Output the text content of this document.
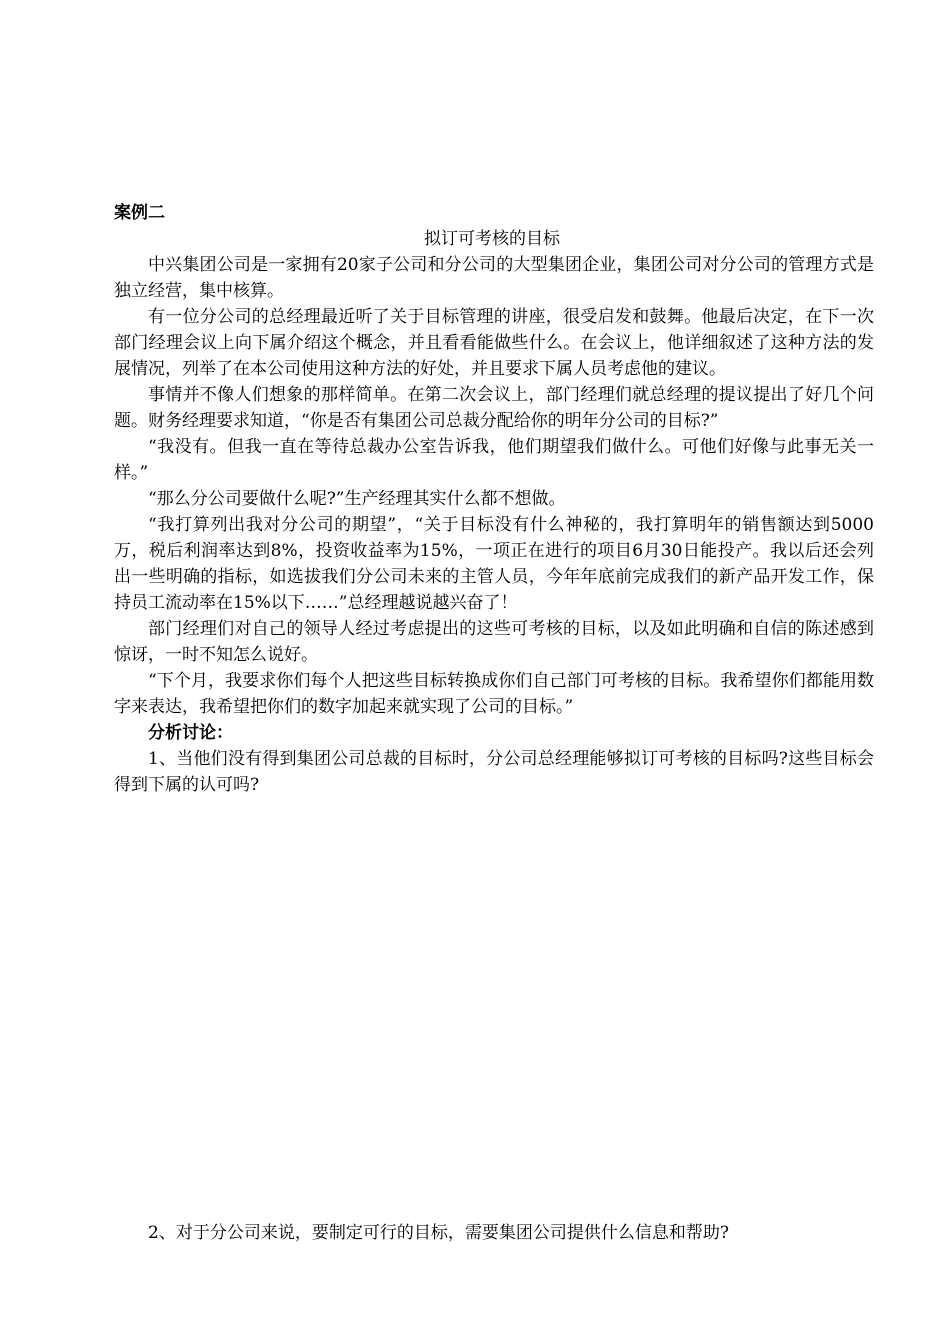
案例二
拟订可考核的目标

中兴集团公司是一家拥有20家子公司和分公司的大型集团企业，集团公司对分公司的管理方式是独立经营，集中核算。

有一位分公司的总经理最近听了关于目标管理的讲座，很受启发和鼓舞。他最后决定，在下一次部门经理会议上向下属介绍这个概念，并且看看能做些什么。在会议上，他详细叙述了这种方法的发展情况，列举了在本公司使用这种方法的好处，并且要求下属人员考虑他的建议。

事情并不像人们想象的那样简单。在第二次会议上，部门经理们就总经理的提议提出了好几个问题。财务经理要求知道，“你是否有集团公司总裁分配给你的明年分公司的目标?”

“我没有。但我一直在等待总裁办公室告诉我，他们期望我们做什么。可他们好像与此事无关一样。”

“那么分公司要做什么呢?”生产经理其实什么都不想做。

“我打算列出我对分公司的期望”，“关于目标没有什么神秘的，我打算明年的销售额达到5000万，税后利润率达到8%，投资收益率为15%，一项正在进行的项目6月30日能投产。我以后还会列出一些明确的指标，如选拔我们分公司未来的主管人员，今年年底前完成我们的新产品开发工作，保持员工流动率在15%以下……”总经理越说越兴奋了！

部门经理们对自己的领导人经过考虑提出的这些可考核的目标，以及如此明确和自信的陈述感到惊讶，一时不知怎么说好。

“下个月，我要求你们每个人把这些目标转换成你们自己部门可考核的目标。我希望你们都能用数字来表达，我希望把你们的数字加起来就实现了公司的目标。”

分析讨论：

1、当他们没有得到集团公司总裁的目标时，分公司总经理能够拟订可考核的目标吗?这些目标会得到下属的认可吗?

2、对于分公司来说，要制定可行的目标，需要集团公司提供什么信息和帮助?
